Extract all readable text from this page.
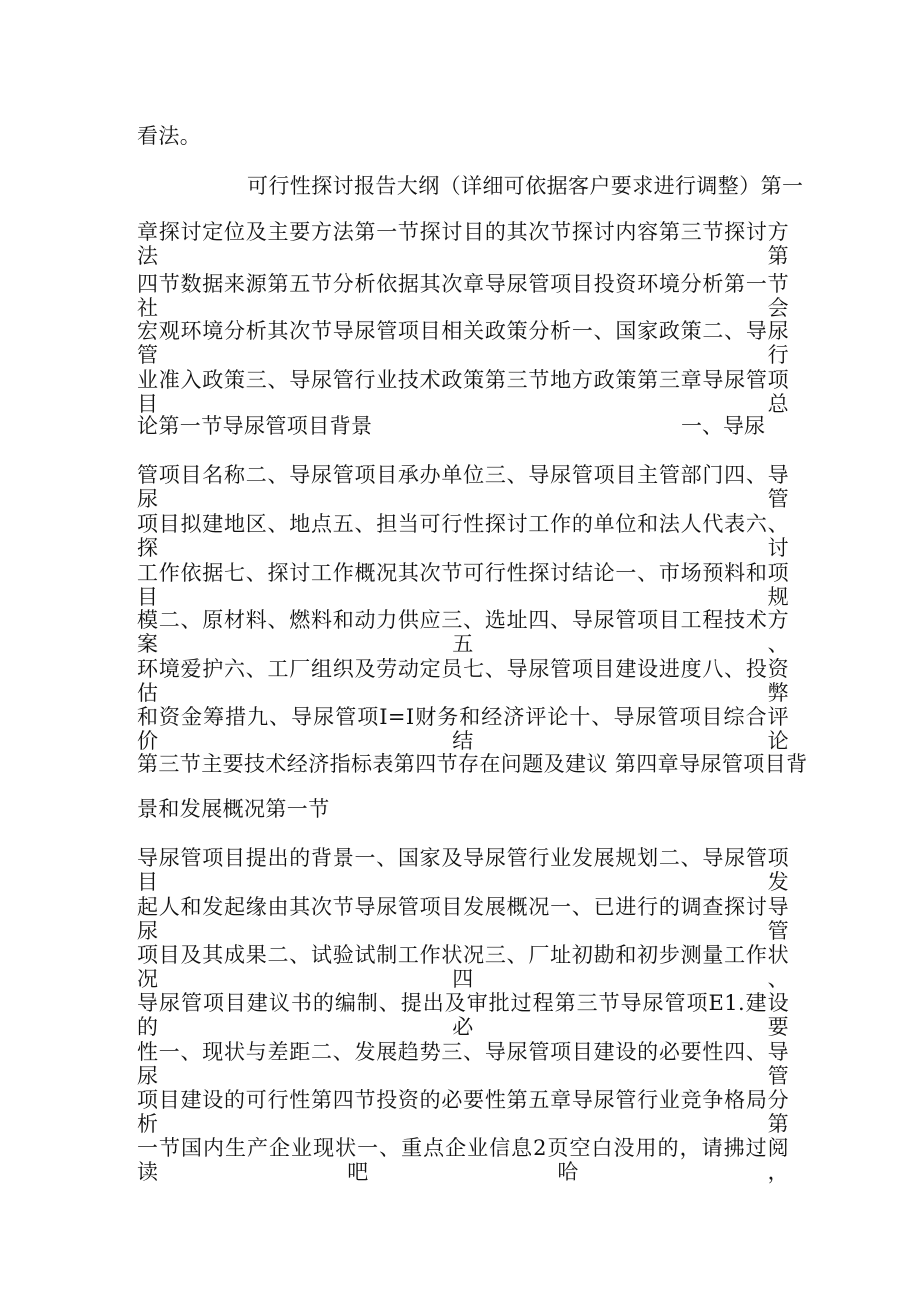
看法。
可行性探讨报告大纲（详细可依据客户要求进行调整）第一
章探讨定位及主要方法第一节探讨目的其次节探讨内容第三节探讨方法第
四节数据来源第五节分析依据其次章导尿管项目投资环境分析第一节社会
宏观环境分析其次节导尿管项目相关政策分析一、国家政策二、导尿管行
业准入政策三、导尿管行业技术政策第三节地方政策第三章导尿管项目总
论第一节导尿管项目背景	一、导尿
管项目名称二、导尿管项目承办单位三、导尿管项目主管部门四、导尿管
项目拟建地区、地点五、担当可行性探讨工作的单位和法人代表六、探讨
工作依据七、探讨工作概况其次节可行性探讨结论一、市场预料和项目规
模二、原材料、燃料和动力供应三、选址四、导尿管项目工程技术方案五、
环境爱护六、工厂组织及劳动定员七、导尿管项目建设进度八、投资估弊
和资金筹措九、导尿管项I=I财务和经济评论十、导尿管项目综合评价结论
第三节主要技术经济指标表第四节存在问题及建议 第四章导尿管项目背
景和发展概况第一节
导尿管项目提出的背景一、国家及导尿管行业发展规划二、导尿管项目发
起人和发起缘由其次节导尿管项目发展概况一、已进行的调查探讨导尿管
项目及其成果二、试验试制工作状况三、厂址初勘和初步测量工作状况四、
导尿管项目建议书的编制、提出及审批过程第三节导尿管项E1.建设的必要
性一、现状与差距二、发展趋势三、导尿管项目建设的必要性四、导尿管
项目建设的可行性第四节投资的必要性第五章导尿管行业竞争格局分析第
一节国内生产企业现状一、重点企业信息2页空白没用的，请拂过阅读吧哈，
